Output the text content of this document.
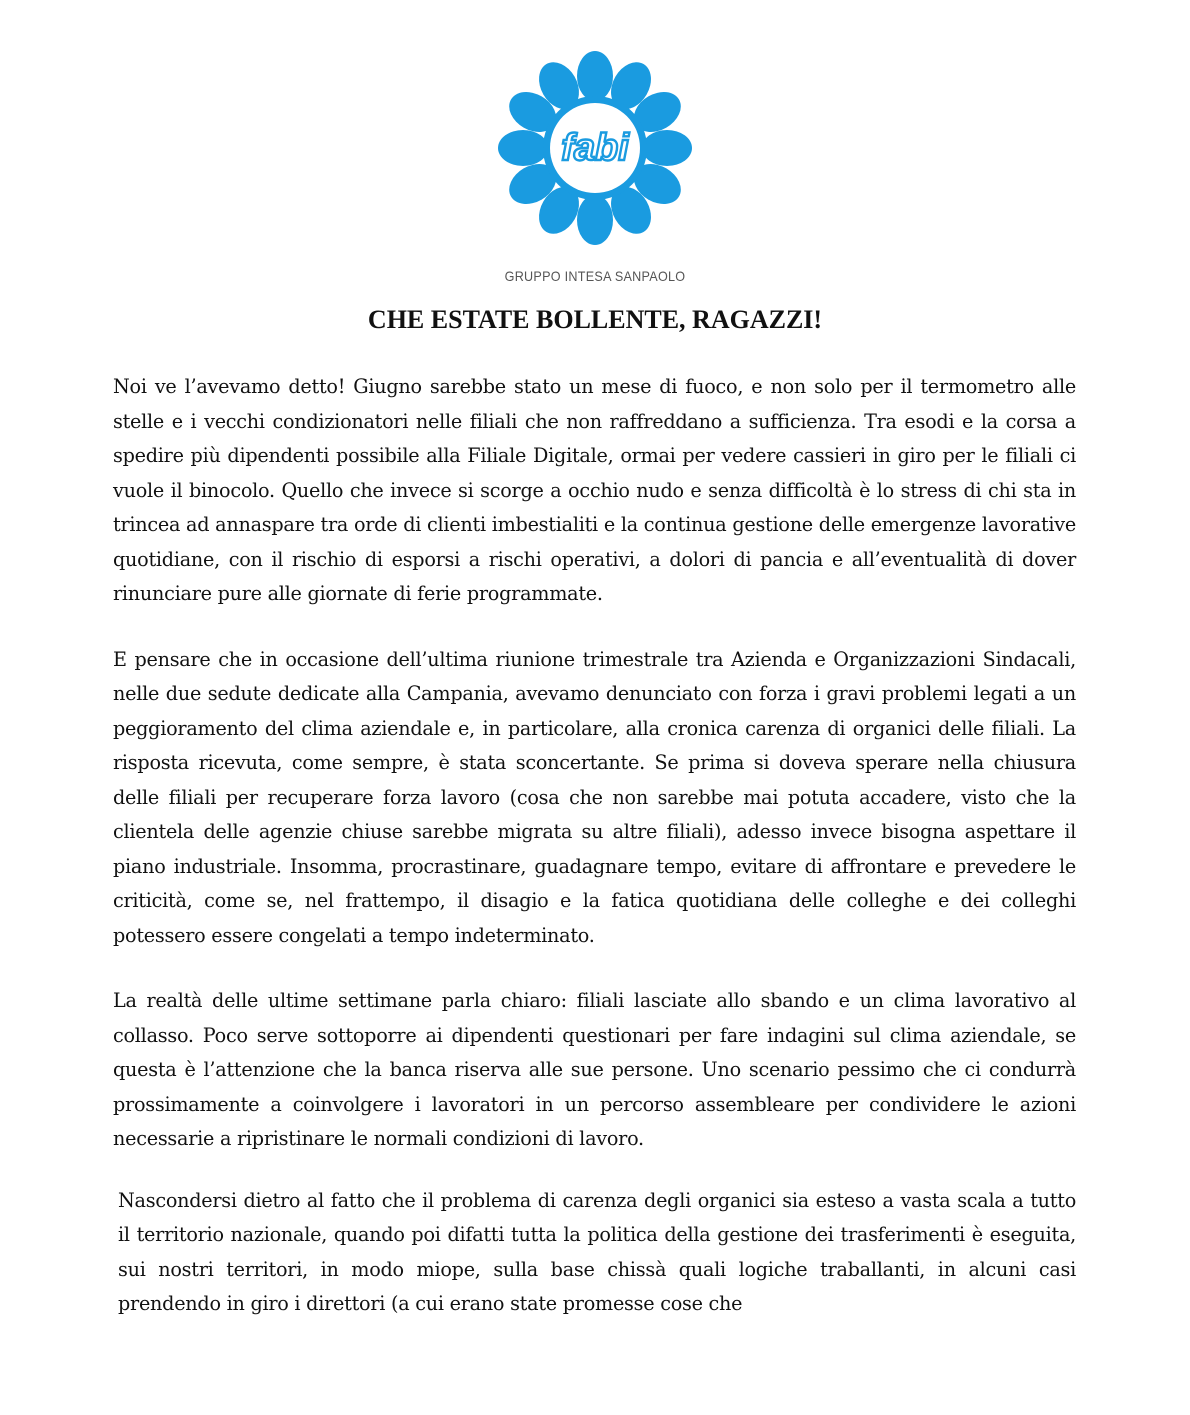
fabi
GRUPPO INTESA SANPAOLO
CHE ESTATE BOLLENTE, RAGAZZI!

Noi ve l’avevamo detto! Giugno sarebbe stato un mese di fuoco, e non solo per il termometro alle stelle e i vecchi condizionatori nelle filiali che non raffreddano a sufficienza. Tra esodi e la corsa a spedire più dipendenti possibile alla Filiale Digitale, ormai per vedere cassieri in giro per le filiali ci vuole il binocolo. Quello che invece si scorge a occhio nudo e senza difficoltà è lo stress di chi sta in trincea ad annaspare tra orde di clienti imbestialiti e la continua gestione delle emergenze lavorative quotidiane, con il rischio di esporsi a rischi operativi, a dolori di pancia e all’eventualità di dover rinunciare pure alle giornate di ferie programmate.

E pensare che in occasione dell’ultima riunione trimestrale tra Azienda e Organizzazioni Sindacali, nelle due sedute dedicate alla Campania, avevamo denunciato con forza i gravi problemi legati a un peggioramento del clima aziendale e, in particolare, alla cronica carenza di organici delle filiali. La risposta ricevuta, come sempre, è stata sconcertante. Se prima si doveva sperare nella chiusura delle filiali per recuperare forza lavoro (cosa che non sarebbe mai potuta accadere, visto che la clientela delle agenzie chiuse sarebbe migrata su altre filiali), adesso invece bisogna aspettare il piano industriale. Insomma, procrastinare, guadagnare tempo, evitare di affrontare e prevedere le criticità, come se, nel frattempo, il disagio e la fatica quotidiana delle colleghe e dei colleghi potessero essere congelati a tempo indeterminato.

La realtà delle ultime settimane parla chiaro: filiali lasciate allo sbando e un clima lavorativo al collasso. Poco serve sottoporre ai dipendenti questionari per fare indagini sul clima aziendale, se questa è l’attenzione che la banca riserva alle sue persone. Uno scenario pessimo che ci condurrà prossimamente a coinvolgere i lavoratori in un percorso assembleare per condividere le azioni necessarie a ripristinare le normali condizioni di lavoro.

Nascondersi dietro al fatto che il problema di carenza degli organici sia esteso a vasta scala a tutto il territorio nazionale, quando poi difatti tutta la politica della gestione dei trasferimenti è eseguita, sui nostri territori, in modo miope, sulla base chissà quali logiche traballanti, in alcuni casi prendendo in giro i direttori (a cui erano state promesse cose che
